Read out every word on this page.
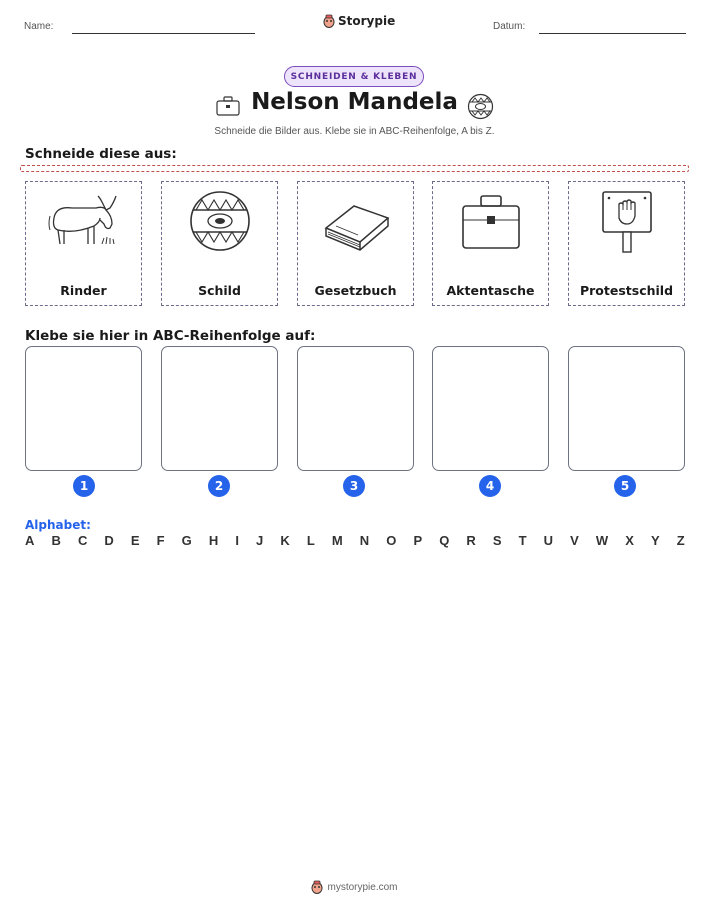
Name:	Storypie	Datum:
SCHNEIDEN & KLEBEN
Nelson Mandela
Schneide die Bilder aus. Klebe sie in ABC-Reihenfolge, A bis Z.
Schneide diese aus:
Rinder	Schild	Gesetzbuch	Aktentasche	Protestschild
Klebe sie hier in ABC-Reihenfolge auf:
1	2	3	4	5
Alphabet:
A B C D E F G H I J K L M N O P Q R S T U V W X Y Z
mystorypie.com
